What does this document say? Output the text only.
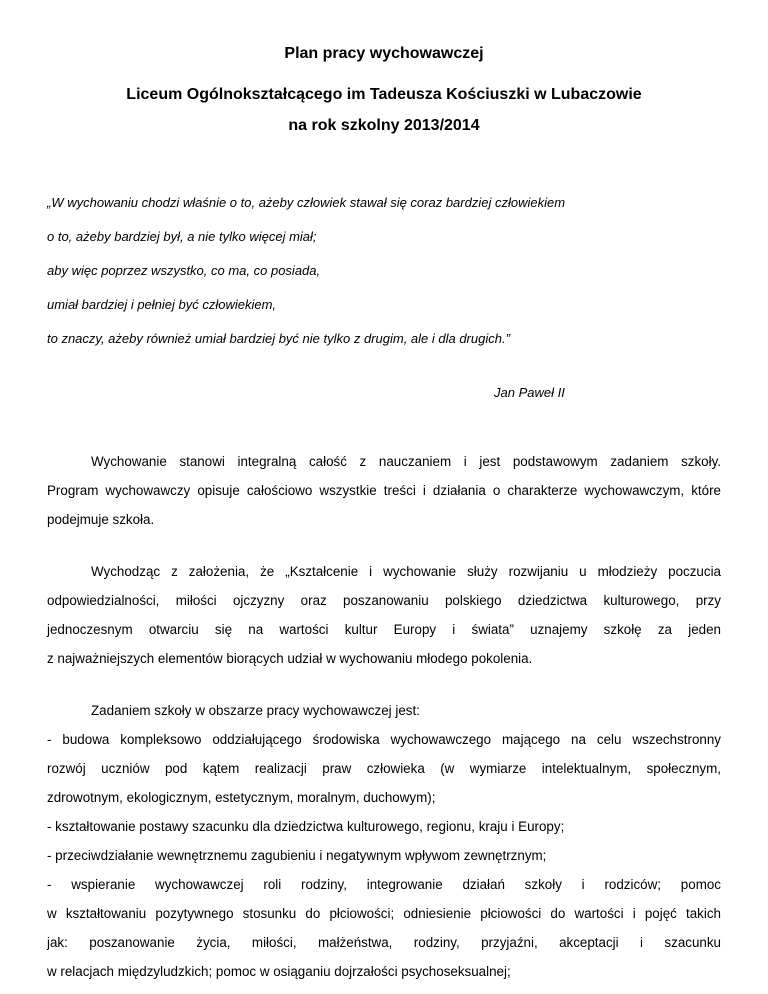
Plan pracy wychowawczej
Liceum Ogólnokształcącego im Tadeusza Kościuszki w Lubaczowie
na rok szkolny 2013/2014
„W wychowaniu chodzi właśnie o to, ażeby człowiek stawał się coraz bardziej człowiekiem
o to, ażeby bardziej był, a nie tylko więcej miał;
aby więc poprzez wszystko, co ma, co posiada,
umiał bardziej i pełniej być człowiekiem,
to znaczy, ażeby również umiał bardziej być nie tylko z drugim, ale i dla drugich.”
Jan Paweł II
Wychowanie stanowi integralną całość z nauczaniem i jest podstawowym zadaniem szkoły.
Program wychowawczy opisuje całościowo wszystkie treści i działania o charakterze wychowawczym, które
podejmuje szkoła.
Wychodząc z założenia, że „Kształcenie i wychowanie służy rozwijaniu u młodzieży poczucia
odpowiedzialności, miłości ojczyzny oraz poszanowaniu polskiego dziedzictwa kulturowego, przy
jednoczesnym otwarciu się na wartości kultur Europy i świata” uznajemy szkołę za jeden
z najważniejszych elementów biorących udział w wychowaniu młodego pokolenia.
Zadaniem szkoły w obszarze pracy wychowawczej jest:
- budowa kompleksowo oddziałującego środowiska wychowawczego mającego na celu wszechstronny
rozwój uczniów pod kątem realizacji praw człowieka (w wymiarze intelektualnym, społecznym,
zdrowotnym, ekologicznym, estetycznym, moralnym, duchowym);
- kształtowanie postawy szacunku dla dziedzictwa kulturowego, regionu, kraju i Europy;
- przeciwdziałanie wewnętrznemu zagubieniu i negatywnym wpływom zewnętrznym;
- wspieranie wychowawczej roli rodziny, integrowanie działań szkoły i rodziców; pomoc
w kształtowaniu pozytywnego stosunku do płciowości; odniesienie płciowości do wartości i pojęć takich
jak: poszanowanie życia, miłości, małżeństwa, rodziny, przyjaźni, akceptacji i szacunku
w relacjach międzyludzkich; pomoc w osiąganiu dojrzałości psychoseksualnej;
